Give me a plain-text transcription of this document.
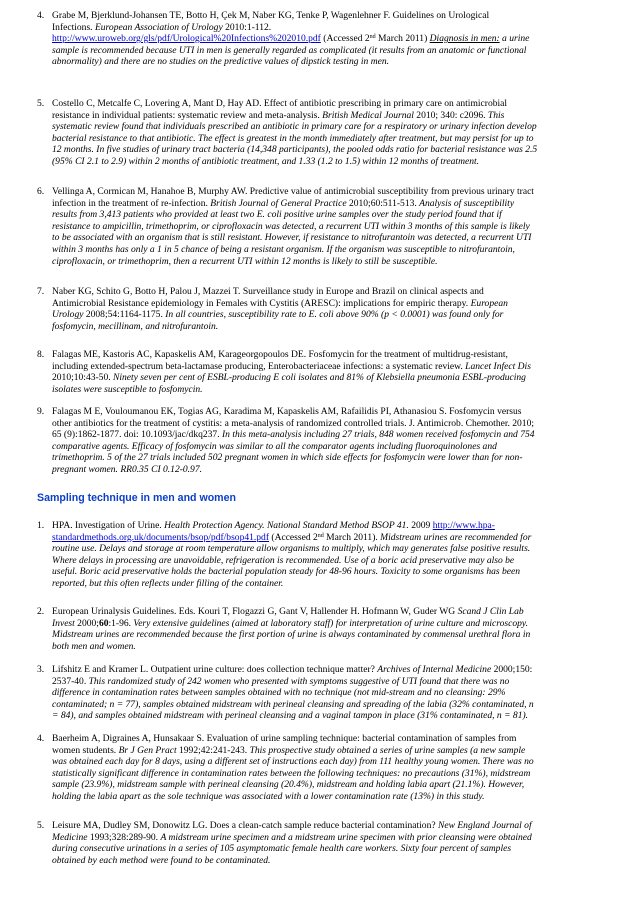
4. Grabe M, Bjerklund-Johansen TE, Botto H, Çek M, Naber KG, Tenke P, Wagenlehner F. Guidelines on Urological
Infections. European Association of Urology 2010:1-112.
http://www.uroweb.org/gls/pdf/Urological%20Infections%202010.pdf (Accessed 2nd March 2011) Diagnosis in men: a urine
sample is recommended because UTI in men is generally regarded as complicated (it results from an anatomic or functional
abnormality) and there are no studies on the predictive values of dipstick testing in men.
5. Costello C, Metcalfe C, Lovering A, Mant D, Hay AD. Effect of antibiotic prescribing in primary care on antimicrobial
resistance in individual patients: systematic review and meta-analysis. British Medical Journal 2010; 340: c2096. This
systematic review found that individuals prescribed an antibiotic in primary care for a respiratory or urinary infection develop
bacterial resistance to that antibiotic. The effect is greatest in the month immediately after treatment, but may persist for up to
12 months. In five studies of urinary tract bacteria (14,348 participants), the pooled odds ratio for bacterial resistance was 2.5
(95% CI 2.1 to 2.9) within 2 months of antibiotic treatment, and 1.33 (1.2 to 1.5) within 12 months of treatment.
6. Vellinga A, Cormican M, Hanahoe B, Murphy AW. Predictive value of antimicrobial susceptibility from previous urinary tract
infection in the treatment of re-infection. British Journal of General Practice 2010;60:511-513. Analysis of susceptibility
results from 3,413 patients who provided at least two E. coli positive urine samples over the study period found that if
resistance to ampicillin, trimethoprim, or ciprofloxacin was detected, a recurrent UTI within 3 months of this sample is likely
to be associated with an organism that is still resistant. However, if resistance to nitrofurantoin was detected, a recurrent UTI
within 3 months has only a 1 in 5 chance of being a resistant organism. If the organism was susceptible to nitrofurantoin,
ciprofloxacin, or trimethoprim, then a recurrent UTI within 12 months is likely to still be susceptible.
7. Naber KG, Schito G, Botto H, Palou J, Mazzei T. Surveillance study in Europe and Brazil on clinical aspects and
Antimicrobial Resistance epidemiology in Females with Cystitis (ARESC): implications for empiric therapy. European
Urology 2008;54:1164-1175. In all countries, susceptibility rate to E. coli above 90% (p < 0.0001) was found only for
fosfomycin, mecillinam, and nitrofurantoin.
8. Falagas ME, Kastoris AC, Kapaskelis AM, Karageorgopoulos DE. Fosfomycin for the treatment of multidrug-resistant,
including extended-spectrum beta-lactamase producing, Enterobacteriaceae infections: a systematic review. Lancet Infect Dis
2010;10:43-50. Ninety seven per cent of ESBL-producing E coli isolates and 81% of Klebsiella pneumonia ESBL-producing
isolates were susceptible to fosfomycin.
9. Falagas M E, Vouloumanou EK, Togias AG, Karadima M, Kapaskelis AM, Rafailidis PI, Athanasiou S. Fosfomycin versus
other antibiotics for the treatment of cystitis: a meta-analysis of randomized controlled trials. J. Antimicrob. Chemother. 2010;
65 (9):1862-1877. doi: 10.1093/jac/dkq237. In this meta-analysis including 27 trials, 848 women received fosfomycin and 754
comparative agents. Efficacy of fosfomycin was similar to all the comparator agents including fluoroquinolones and
trimethoprim. 5 of the 27 trials included 502 pregnant women in which side effects for fosfomycin were lower than for non-
pregnant women. RR0.35 CI 0.12-0.97.
Sampling technique in men and women
1. HPA. Investigation of Urine. Health Protection Agency. National Standard Method BSOP 41. 2009 http://www.hpa-
standardmethods.org.uk/documents/bsop/pdf/bsop41.pdf (Accessed 2nd March 2011). Midstream urines are recommended for
routine use. Delays and storage at room temperature allow organisms to multiply, which may generates false positive results.
Where delays in processing are unavoidable, refrigeration is recommended. Use of a boric acid preservative may also be
useful. Boric acid preservative holds the bacterial population steady for 48-96 hours. Toxicity to some organisms has been
reported, but this often reflects under filling of the container.
2. European Urinalysis Guidelines. Eds. Kouri T, Flogazzi G, Gant V, Hallender H. Hofmann W, Guder WG Scand J Clin Lab
Invest 2000;60:1-96. Very extensive guidelines (aimed at laboratory staff) for interpretation of urine culture and microscopy.
Midstream urines are recommended because the first portion of urine is always contaminated by commensal urethral flora in
both men and women.
3. Lifshitz E and Kramer L. Outpatient urine culture: does collection technique matter? Archives of Internal Medicine 2000;150:
2537-40. This randomized study of 242 women who presented with symptoms suggestive of UTI found that there was no
difference in contamination rates between samples obtained with no technique (not mid-stream and no cleansing: 29%
contaminated; n = 77), samples obtained midstream with perineal cleansing and spreading of the labia (32% contaminated, n
= 84), and samples obtained midstream with perineal cleansing and a vaginal tampon in place (31% contaminated, n = 81).
4. Baerheim A, Digraines A, Hunsakaar S. Evaluation of urine sampling technique: bacterial contamination of samples from
women students. Br J Gen Pract 1992;42:241-243. This prospective study obtained a series of urine samples (a new sample
was obtained each day for 8 days, using a different set of instructions each day) from 111 healthy young women. There was no
statistically significant difference in contamination rates between the following techniques: no precautions (31%), midstream
sample (23.9%), midstream sample with perineal cleansing (20.4%), midstream and holding labia apart (21.1%). However,
holding the labia apart as the sole technique was associated with a lower contamination rate (13%) in this study.
5. Leisure MA, Dudley SM, Donowitz LG. Does a clean-catch sample reduce bacterial contamination? New England Journal of
Medicine 1993;328:289-90. A midstream urine specimen and a midstream urine specimen with prior cleansing were obtained
during consecutive urinations in a series of 105 asymptomatic female health care workers. Sixty four percent of samples
obtained by each method were found to be contaminated.
